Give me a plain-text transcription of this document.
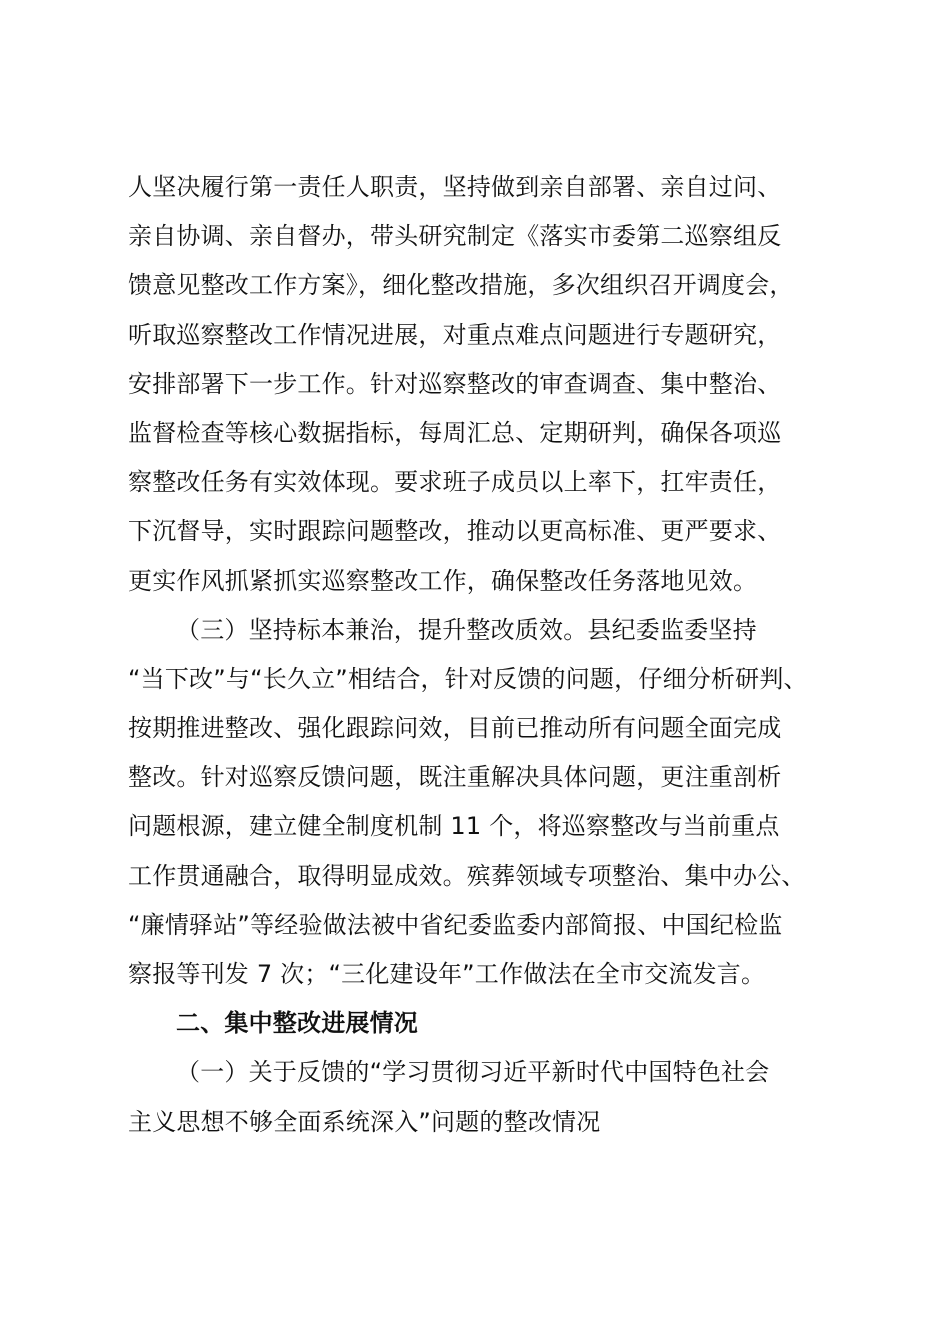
人坚决履行第一责任人职责，坚持做到亲自部署、亲自过问、
亲自协调、亲自督办，带头研究制定《落实市委第二巡察组反
馈意见整改工作方案》，细化整改措施，多次组织召开调度会，
听取巡察整改工作情况进展，对重点难点问题进行专题研究，
安排部署下一步工作。针对巡察整改的审查调查、集中整治、
监督检查等核心数据指标，每周汇总、定期研判，确保各项巡
察整改任务有实效体现。要求班子成员以上率下，扛牢责任，
下沉督导，实时跟踪问题整改，推动以更高标准、更严要求、
更实作风抓紧抓实巡察整改工作，确保整改任务落地见效。
（三）坚持标本兼治，提升整改质效。县纪委监委坚持
“当下改”与“长久立”相结合，针对反馈的问题，仔细分析研判、
按期推进整改、强化跟踪问效，目前已推动所有问题全面完成
整改。针对巡察反馈问题，既注重解决具体问题，更注重剖析
问题根源，建立健全制度机制 11 个，将巡察整改与当前重点
工作贯通融合，取得明显成效。殡葬领域专项整治、集中办公、
“廉情驿站”等经验做法被中省纪委监委内部简报、中国纪检监
察报等刊发 7 次；“三化建设年”工作做法在全市交流发言。
二、集中整改进展情况
（一）关于反馈的“学习贯彻习近平新时代中国特色社会
主义思想不够全面系统深入”问题的整改情况
